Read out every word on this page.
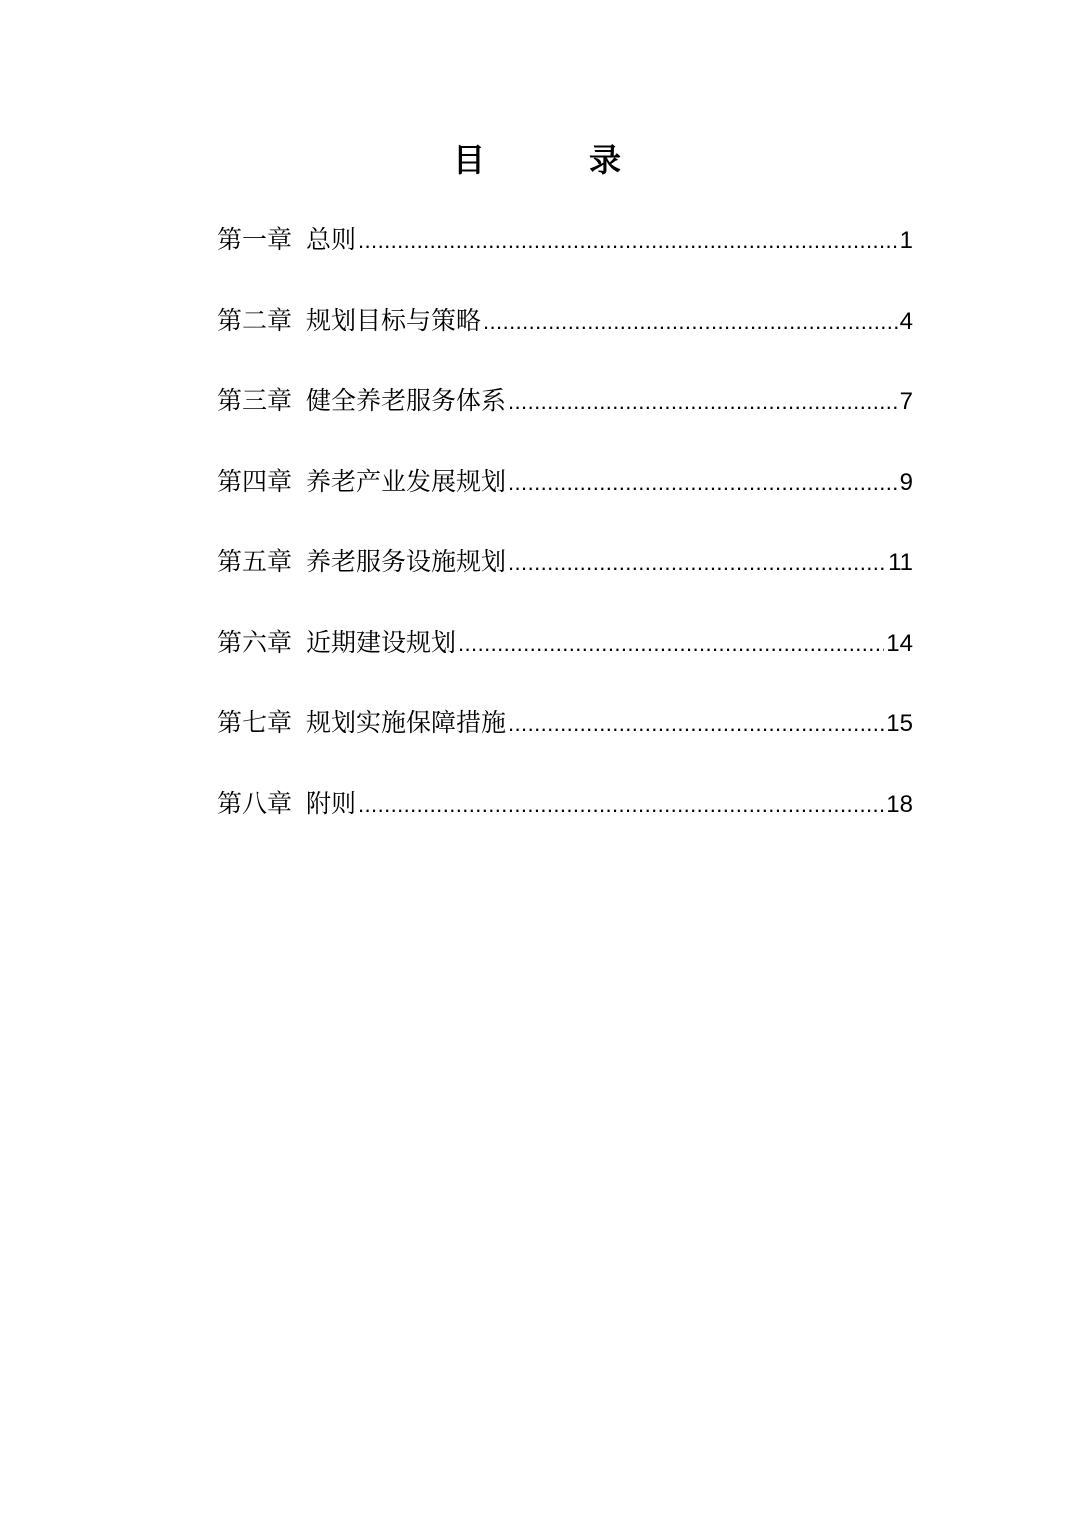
目　录
第一章 总则 .....	1
第二章 规划目标与策略 .....	4
第三章 健全养老服务体系 .....	7
第四章 养老产业发展规划 .....	9
第五章 养老服务设施规划 .....	11
第六章 近期建设规划 .....	14
第七章 规划实施保障措施 .....	15
第八章 附则 .....	18
